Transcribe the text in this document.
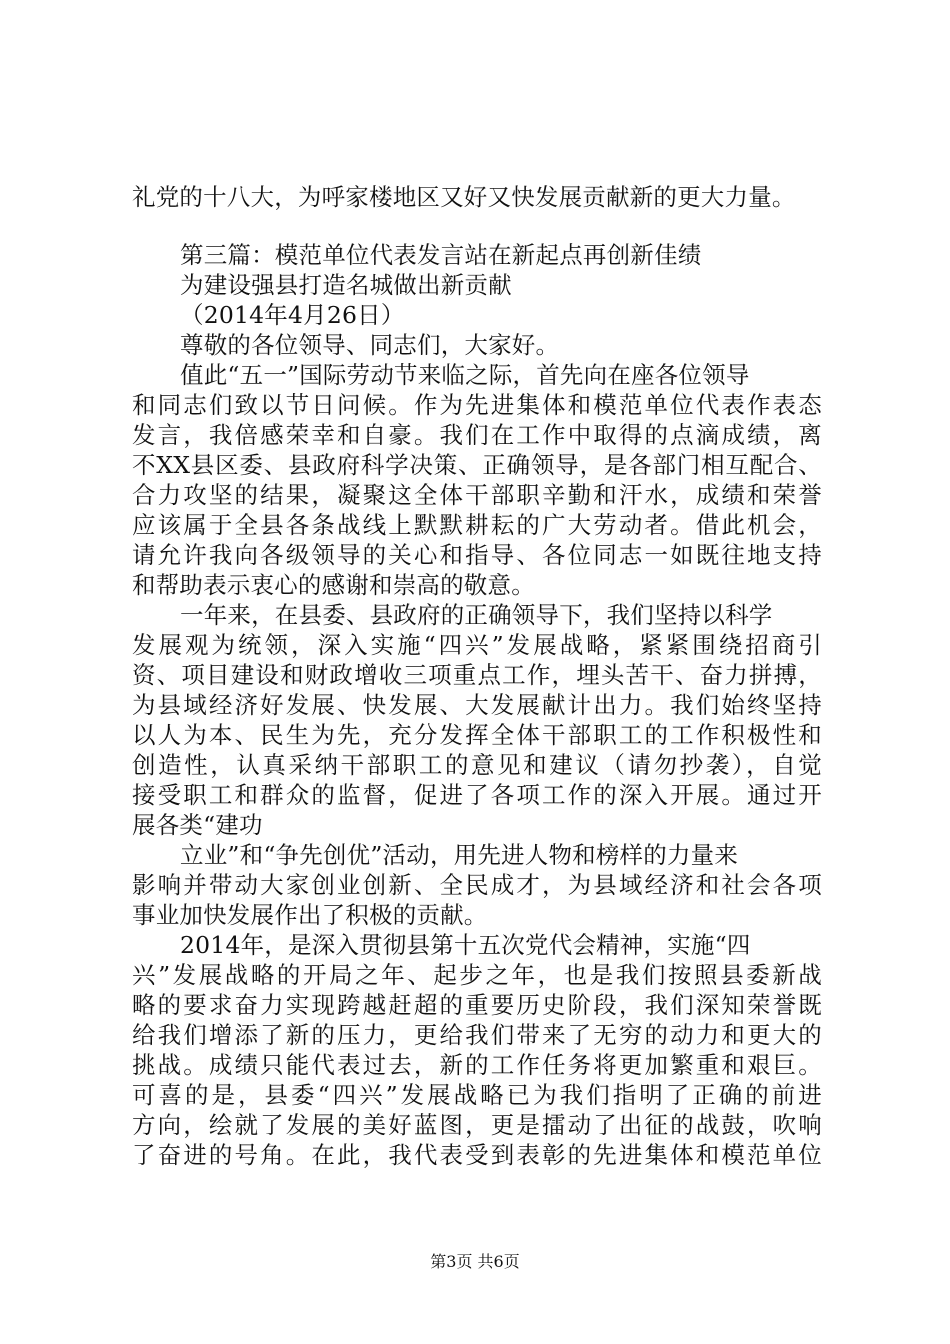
礼党的十八大，为呼家楼地区又好又快发展贡献新的更大力量。
第三篇：模范单位代表发言站在新起点再创新佳绩
为建设强县打造名城做出新贡献
（2014年4月26日）
尊敬的各位领导、同志们，大家好。
值此“五一”国际劳动节来临之际，首先向在座各位领导
和同志们致以节日问候。作为先进集体和模范单位代表作表态
发言，我倍感荣幸和自豪。我们在工作中取得的点滴成绩，离
不XX县区委、县政府科学决策、正确领导，是各部门相互配合、
合力攻坚的结果，凝聚这全体干部职辛勤和汗水，成绩和荣誉
应该属于全县各条战线上默默耕耘的广大劳动者。借此机会，
请允许我向各级领导的关心和指导、各位同志一如既往地支持
和帮助表示衷心的感谢和崇高的敬意。
一年来，在县委、县政府的正确领导下，我们坚持以科学
发展观为统领，深入实施“四兴”发展战略，紧紧围绕招商引
资、项目建设和财政增收三项重点工作，埋头苦干、奋力拼搏，
为县域经济好发展、快发展、大发展献计出力。我们始终坚持
以人为本、民生为先，充分发挥全体干部职工的工作积极性和
创造性，认真采纳干部职工的意见和建议（请勿抄袭），自觉
接受职工和群众的监督，促进了各项工作的深入开展。通过开
展各类“建功
立业”和“争先创优”活动，用先进人物和榜样的力量来
影响并带动大家创业创新、全民成才，为县域经济和社会各项
事业加快发展作出了积极的贡献。
2014年，是深入贯彻县第十五次党代会精神，实施“四
兴”发展战略的开局之年、起步之年，也是我们按照县委新战
略的要求奋力实现跨越赶超的重要历史阶段，我们深知荣誉既
给我们增添了新的压力，更给我们带来了无穷的动力和更大的
挑战。成绩只能代表过去，新的工作任务将更加繁重和艰巨。
可喜的是，县委“四兴”发展战略已为我们指明了正确的前进
方向，绘就了发展的美好蓝图，更是擂动了出征的战鼓，吹响
了奋进的号角。在此，我代表受到表彰的先进集体和模范单位
第3页 共6页
